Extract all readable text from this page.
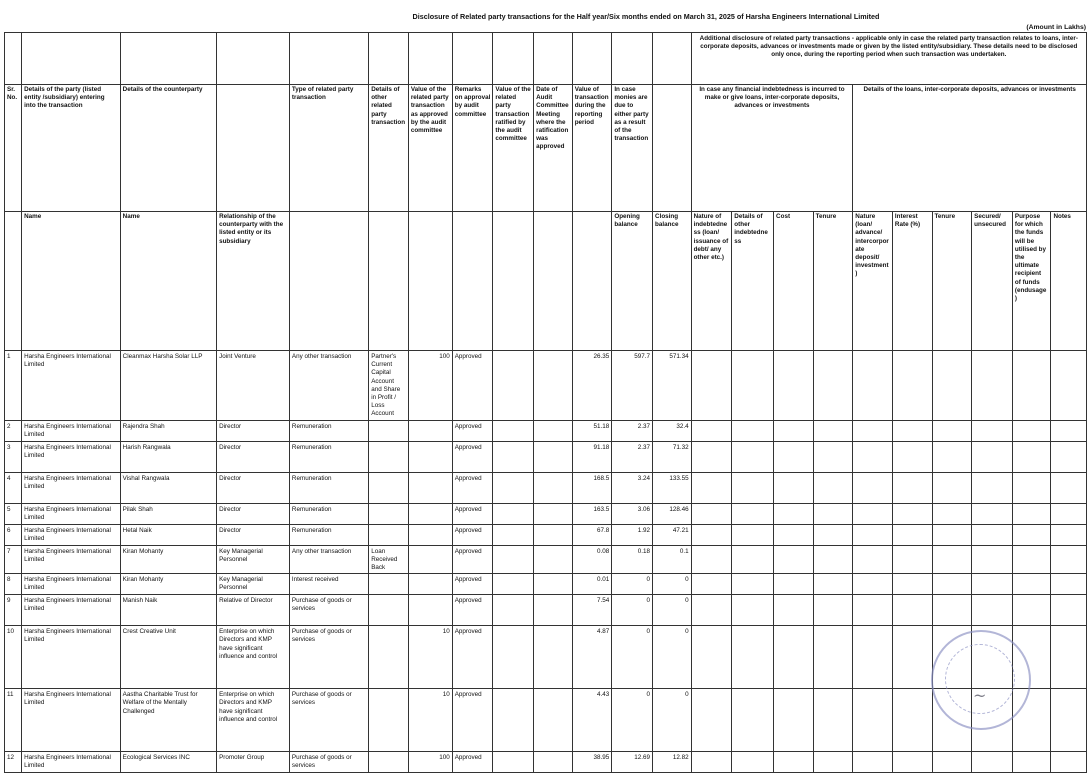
Disclosure of Related party transactions for the Half year/Six months ended on March 31, 2025 of Harsha Engineers International Limited
(Amount in Lakhs)
													Additional disclosure of related party transactions - applicable only in case the related party transaction relates to loans, inter-corporate deposits, advances or investments made or given by the listed entity/subsidiary. These details need to be disclosed only once, during the reporting period when such transaction was undertaken.									
Sr. No.	Details of the party (listed entity /subsidiary) entering into the transaction	Details of the counterparty		Type of related party transaction	Details of other related party transaction	Value of the related party transaction as approved by the audit committee	Remarks on approval by audit committee	Value of the related party transaction ratified by the audit committee	Date of Audit Committee Meeting where the ratification was approved	Value of transaction during the reporting period	In case monies are due to either party as a result of the transaction		In case any financial indebtedness is incurred to make or give loans, inter-corporate deposits, advances or investments				Details of the loans, inter-corporate deposits, advances or investments					
	Name	Name	Relationship of the counterparty with the listed entity or its subsidiary								Opening balance	Closing balance	Nature of indebtedness (loan/ issuance of debt/ any other etc.)	Details of other indebtedness	Cost	Tenure	Nature (loan/ advance/ intercorporate deposit/ investment)	Interest Rate (%)	Tenure	Secured/ unsecured	Purpose for which the funds will be utilised by the ultimate recipient of funds (endusage)	Notes
1	Harsha Engineers International Limited	Cleanmax Harsha Solar LLP	Joint Venture	Any other transaction	Partner's Current Capital Account and Share in Profit / Loss Account	100	Approved			26.35	597.7	571.34										
2	Harsha Engineers International Limited	Rajendra Shah	Director	Remuneration			Approved			51.18	2.37	32.4										
3	Harsha Engineers International Limited	Harish Rangwala	Director	Remuneration			Approved			91.18	2.37	71.32										
4	Harsha Engineers International Limited	Vishal Rangwala	Director	Remuneration			Approved			168.5	3.24	133.55										
5	Harsha Engineers International Limited	Pilak Shah	Director	Remuneration			Approved			163.5	3.06	128.46										
6	Harsha Engineers International Limited	Hetal Naik	Director	Remuneration			Approved			67.8	1.92	47.21										
7	Harsha Engineers International Limited	Kiran Mohanty	Key Managerial Personnel	Any other transaction	Loan Received Back		Approved			0.08	0.18	0.1										
8	Harsha Engineers International Limited	Kiran Mohanty	Key Managerial Personnel	Interest received			Approved			0.01	0	0										
9	Harsha Engineers International Limited	Manish Naik	Relative of Director	Purchase of goods or services			Approved			7.54	0	0										
10	Harsha Engineers International Limited	Crest Creative Unit	Enterprise on which Directors and KMP have significant influence and control	Purchase of goods or services		10	Approved			4.87	0	0										
11	Harsha Engineers International Limited	Aastha Charitable Trust for Welfare of the Mentally Challenged	Enterprise on which Directors and KMP have significant influence and control	Purchase of goods or services		10	Approved			4.43	0	0										
12	Harsha Engineers International Limited	Ecological Services INC	Promoter Group	Purchase of goods or services		100	Approved			38.95	12.69	12.82										
~
